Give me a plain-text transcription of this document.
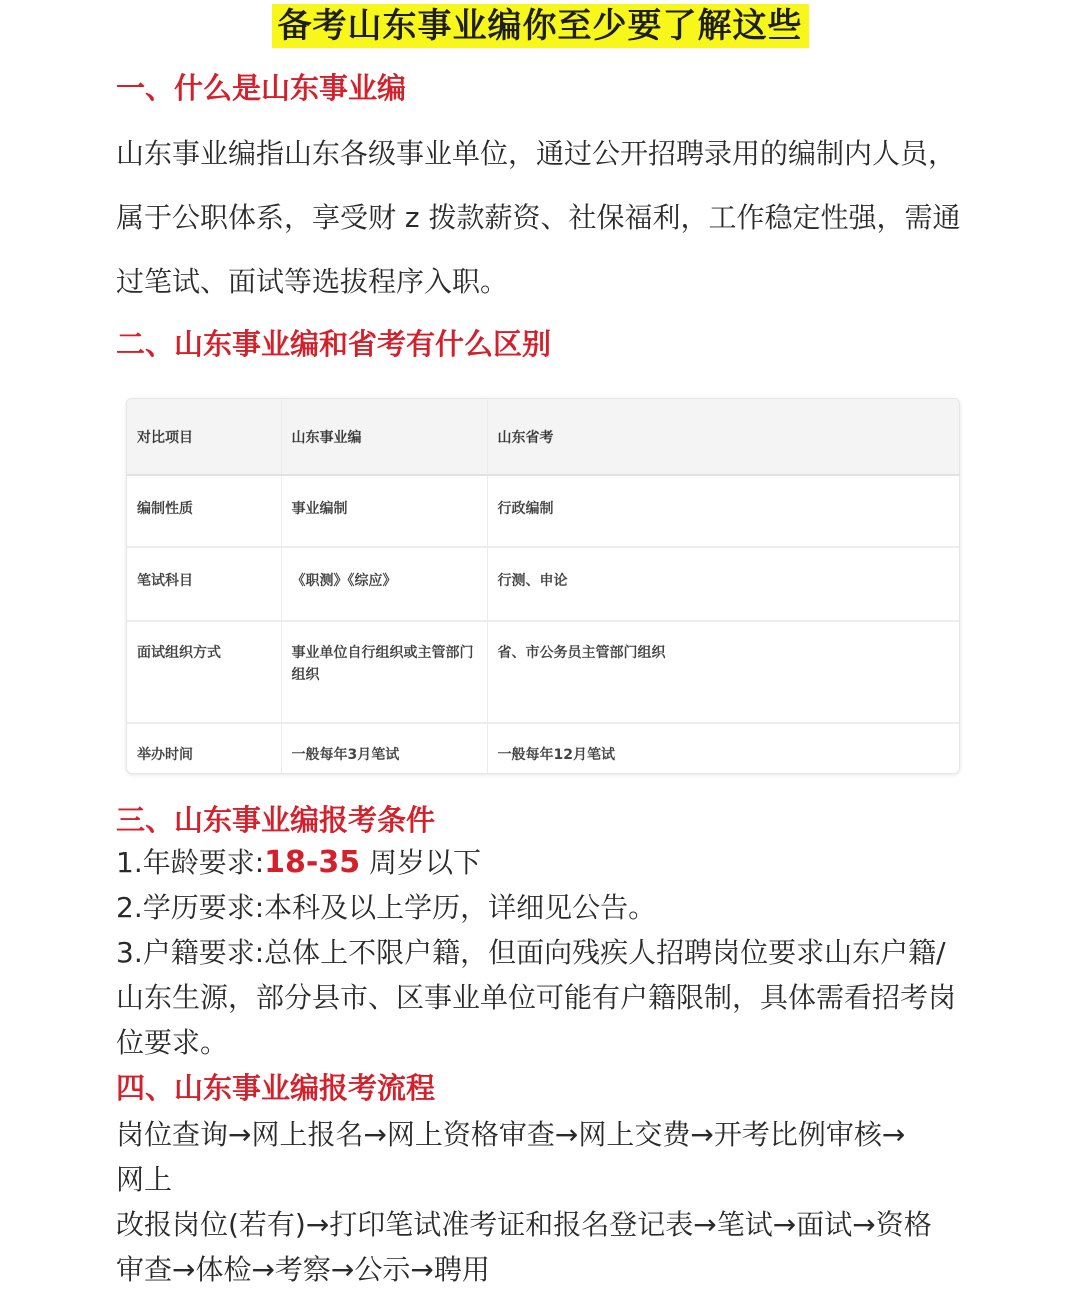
备考山东事业编你至少要了解这些
一、什么是山东事业编
山东事业编指山东各级事业单位，通过公开招聘录用的编制内人员，
属于公职体系，享受财 z 拨款薪资、社保福利，工作稳定性强，需通
过笔试、面试等选拔程序入职。
二、山东事业编和省考有什么区别
对比项目	山东事业编	山东省考
编制性质	事业编制	行政编制
笔试科目	《职测》《综应》	行测、申论
面试组织方式	事业单位自行组织或主管部门组织	省、市公务员主管部门组织
举办时间	一般每年3月笔试	一般每年12月笔试
三、山东事业编报考条件
1.年龄要求:18-35 周岁以下
2.学历要求:本科及以上学历，详细见公告。
3.户籍要求:总体上不限户籍，但面向残疾人招聘岗位要求山东户籍/
山东生源，部分县市、区事业单位可能有户籍限制，具体需看招考岗
位要求。
四、山东事业编报考流程
岗位查询→网上报名→网上资格审查→网上交费→开考比例审核→
网上
改报岗位(若有)→打印笔试准考证和报名登记表→笔试→面试→资格
审查→体检→考察→公示→聘用
